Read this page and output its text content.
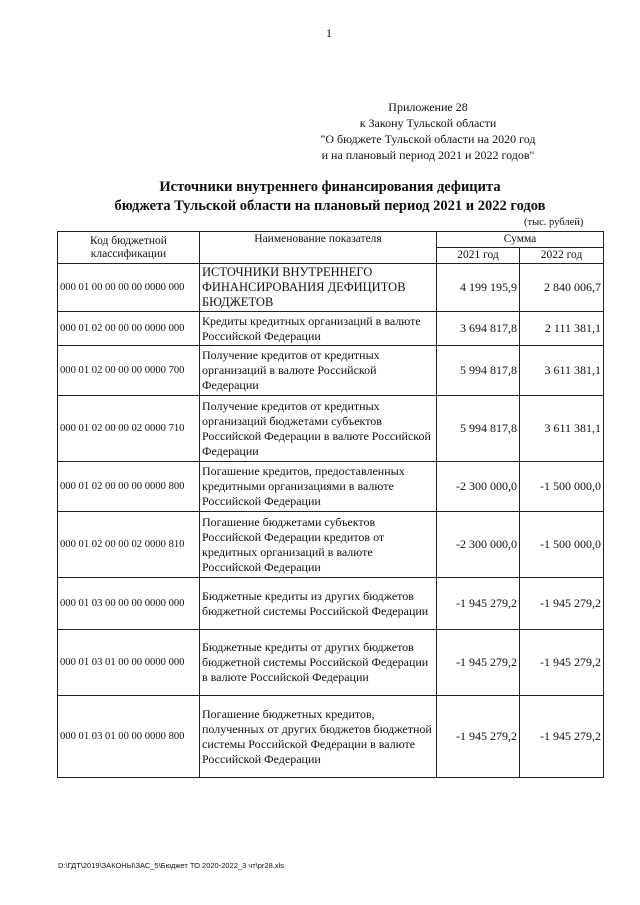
1
Приложение 28
к Закону Тульской области
"О бюджете Тульской области на 2020 год
и на плановый период 2021 и 2022 годов"
Источники внутреннего финансирования дефицита
бюджета Тульской области на плановый период 2021 и 2022 годов
(тыс. рублей)
Код бюджетной классификации	Наименование показателя	Сумма	
		2021 год	2022 год
000 01 00 00 00 00 0000 000	ИСТОЧНИКИ ВНУТРЕННЕГО ФИНАНСИРОВАНИЯ ДЕФИЦИТОВ БЮДЖЕТОВ	4 199 195,9	2 840 006,7
000 01 02 00 00 00 0000 000	Кредиты кредитных организаций в валюте Российской Федерации	3 694 817,8	2 111 381,1
000 01 02 00 00 00 0000 700	Получение кредитов от кредитных организаций в валюте Российской Федерации	5 994 817,8	3 611 381,1
000 01 02 00 00 02 0000 710	Получение кредитов от кредитных организаций бюджетами субъектов Российской Федерации в валюте Российской Федерации	5 994 817,8	3 611 381,1
000 01 02 00 00 00 0000 800	Погашение кредитов, предоставленных кредитными организациями в валюте Российской Федерации	-2 300 000,0	-1 500 000,0
000 01 02 00 00 02 0000 810	Погашение бюджетами субъектов Российской Федерации кредитов от кредитных организаций в валюте Российской Федерации	-2 300 000,0	-1 500 000,0
000 01 03 00 00 00 0000 000	Бюджетные кредиты из других бюджетов бюджетной системы Российской Федерации	-1 945 279,2	-1 945 279,2
000 01 03 01 00 00 0000 000	Бюджетные кредиты от других бюджетов бюджетной системы Российской Федерации в валюте Российской Федерации	-1 945 279,2	-1 945 279,2
000 01 03 01 00 00 0000 800	Погашение бюджетных кредитов, полученных от других бюджетов бюджетной системы Российской Федерации в валюте Российской Федерации	-1 945 279,2	-1 945 279,2
D:\ГДТ\2019\ЗАКОНЫ\ЗАС_5\Бюджет ТО 2020-2022_3 чт\pr28.xls
